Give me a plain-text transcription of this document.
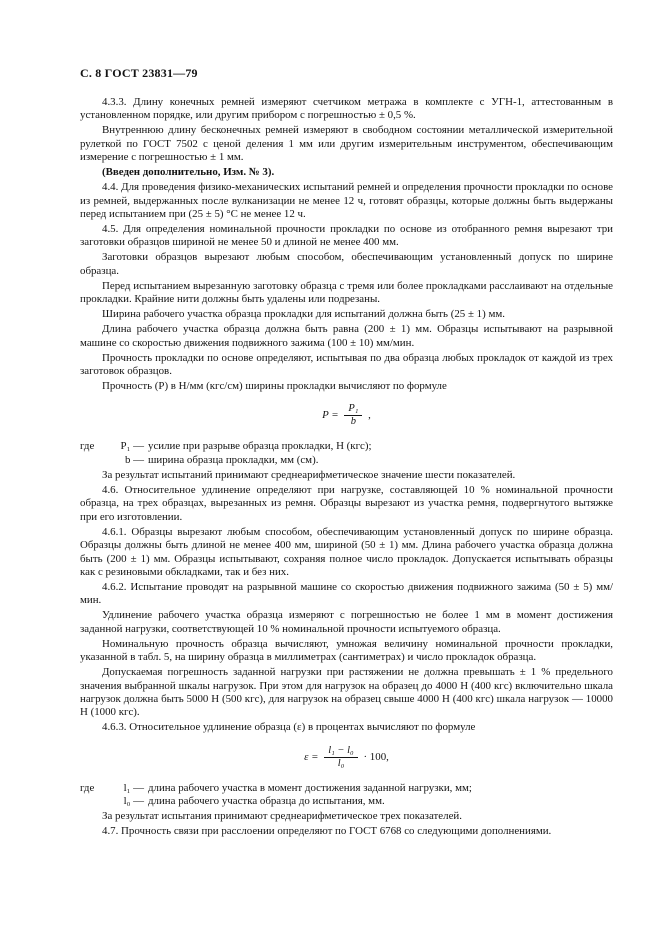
С. 8 ГОСТ 23831—79

4.3.3. Длину конечных ремней измеряют счетчиком метража в комплекте с УГН-1, аттестованным в установленном порядке, или другим прибором с погрешностью ± 0,5 %.

Внутреннюю длину бесконечных ремней измеряют в свободном состоянии металлической измерительной рулеткой по ГОСТ 7502 с ценой деления 1 мм или другим измерительным инструментом, обеспечивающим измерение с погрешностью ± 1 мм.

(Введен дополнительно, Изм. № 3).

4.4. Для проведения физико-механических испытаний ремней и определения прочности прокладки по основе из ремней, выдержанных после вулканизации не менее 12 ч, готовят образцы, которые должны быть выдержаны перед испытанием при (25 ± 5) °С не менее 12 ч.

4.5. Для определения номинальной прочности прокладки по основе из отобранного ремня вырезают три заготовки образцов шириной не менее 50 и длиной не менее 400 мм.

Заготовки образцов вырезают любым способом, обеспечивающим установленный допуск по ширине образца.

Перед испытанием вырезанную заготовку образца с тремя или более прокладками расслаивают на отдельные прокладки. Крайние нити должны быть удалены или подрезаны.

Ширина рабочего участка образца прокладки для испытаний должна быть (25 ± 1) мм.

Длина рабочего участка образца должна быть равна (200 ± 1) мм. Образцы испытывают на разрывной машине со скоростью движения подвижного зажима (100 ± 10) мм/мин.

Прочность прокладки по основе определяют, испытывая по два образца любых прокладок от каждой из трех заготовок образцов.

Прочность (P) в Н/мм (кгс/см) ширины прокладки вычисляют по формуле

$P = \frac{\text{P₁}}{b}$ ,
где	P₁ — усилие при разрыве образца прокладки, Н (кгс);
b — ширина образца прокладки, мм (см).

За результат испытаний принимают среднеарифметическое значение шести показателей.

4.6. Относительное удлинение определяют при нагрузке, составляющей 10 % номинальной прочности образца, на трех образцах, вырезанных из ремня. Образцы вырезают из участка ремня, подвергнутого вытяжке при его изготовлении.

4.6.1. Образцы вырезают любым способом, обеспечивающим установленный допуск по ширине образца. Образцы должны быть длиной не менее 400 мм, шириной (50 ± 1) мм. Длина рабочего участка образца должна быть (200 ± 1) мм. Образцы испытывают, сохраняя полное число прокладок. Допускается испытывать образцы как с резиновыми обкладками, так и без них.

4.6.2. Испытание проводят на разрывной машине со скоростью движения подвижного зажима (50 ± 5) мм/мин.

Удлинение рабочего участка образца измеряют с погрешностью не более 1 мм в момент достижения заданной нагрузки, соответствующей 10 % номинальной прочности испытуемого образца.

Номинальную прочность образца вычисляют, умножая величину номинальной прочности прокладки, указанной в табл. 5, на ширину образца в миллиметрах (сантиметрах) и число прокладок образца.

Допускаемая погрешность заданной нагрузки при растяжении не должна превышать ± 1 % предельного значения выбранной шкалы нагрузок. При этом для нагрузок на образец до 4000 Н (400 кгс) включительно шкала нагрузок должна быть 5000 Н (500 кгс), для нагрузок на образец свыше 4000 Н (400 кгс) шкала нагрузок — 10000 Н (1000 кгс).

4.6.3. Относительное удлинение образца (ε) в процентах вычисляют по формуле

$\varepsilon = \frac{\text{l₁ − l₀}}{\text{l₀}} \cdot 100$,
где	l₁ — длина рабочего участка в момент достижения заданной нагрузки, мм;
l₀ — длина рабочего участка образца до испытания, мм.

За результат испытания принимают среднеарифметическое трех показателей.

4.7. Прочность связи при расслоении определяют по ГОСТ 6768 со следующими дополнениями.
